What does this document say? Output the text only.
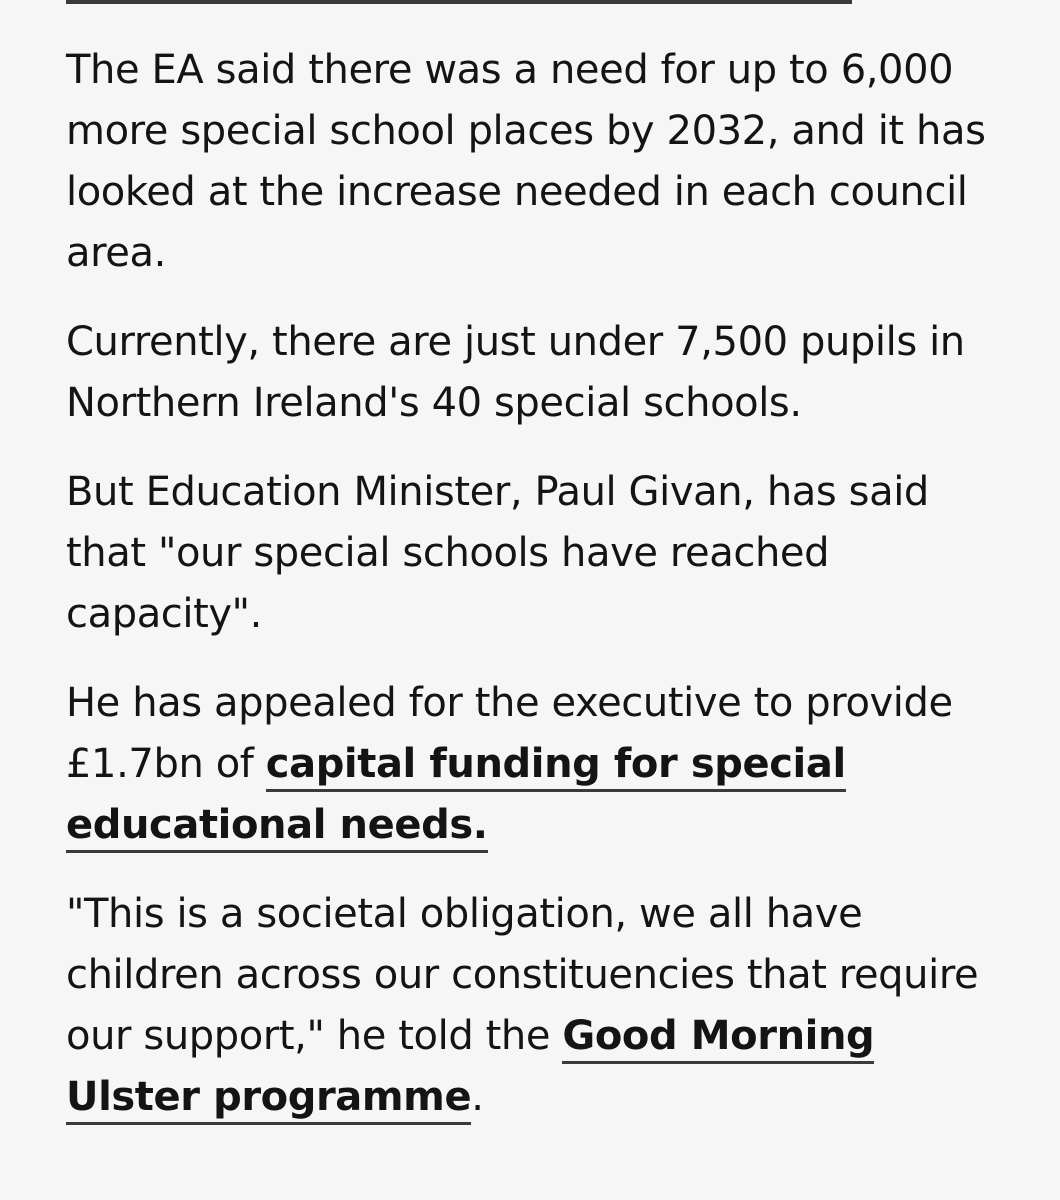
The EA said there was a need for up to 6,000 more special school places by 2032, and it has looked at the increase needed in each council area.

Currently, there are just under 7,500 pupils in Northern Ireland's 40 special schools.

But Education Minister, Paul Givan, has said that "our special schools have reached capacity".

He has appealed for the executive to provide £1.7bn of capital funding for special educational needs.

"This is a societal obligation, we all have children across our constituencies that require our support," he told the Good Morning Ulster programme.
